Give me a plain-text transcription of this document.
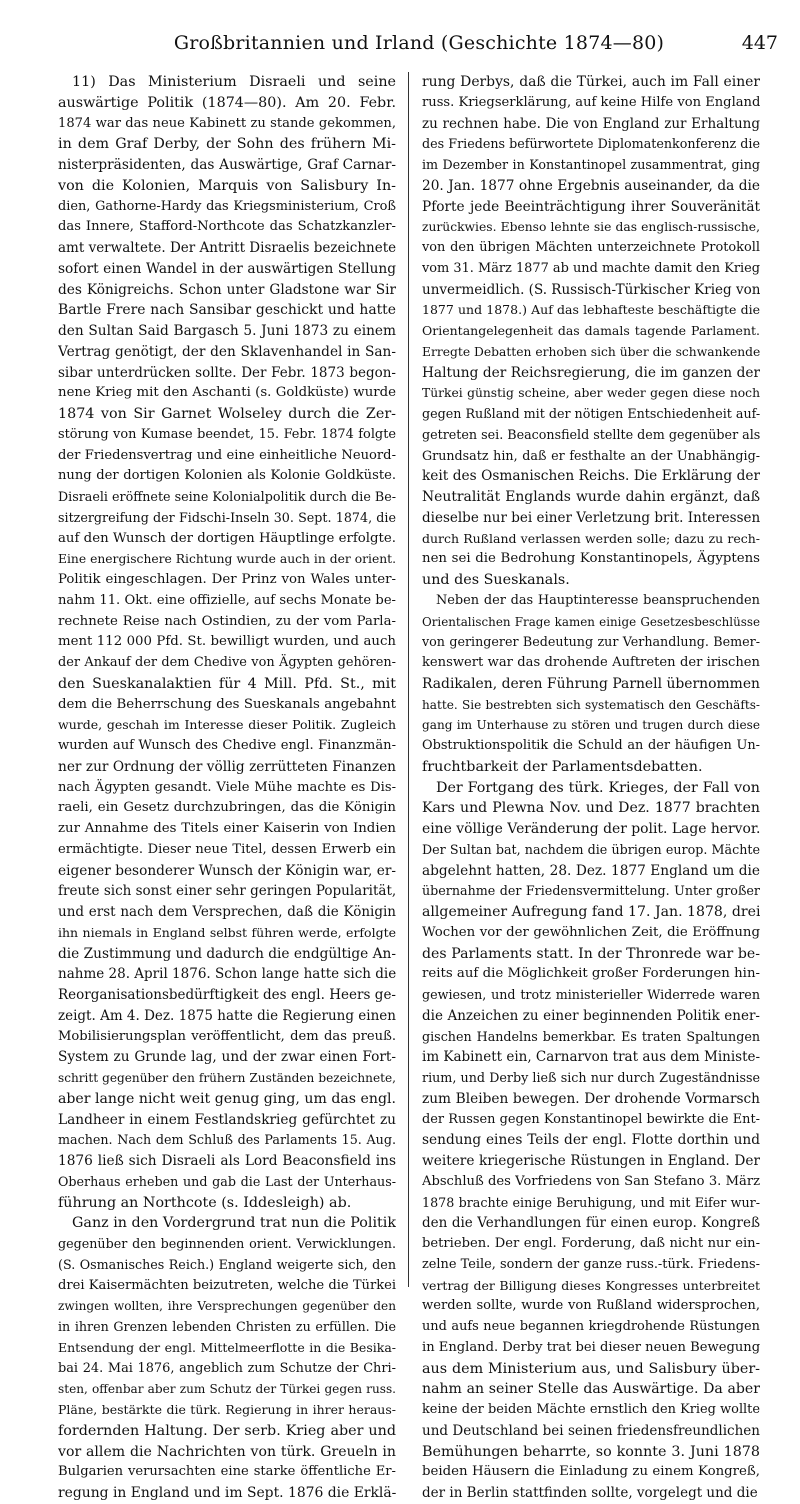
Großbritannien und Irland (Geschichte 1874—80)	447
11) Das Ministerium Disraeli und seine
auswärtige Politik (1874—80). Am 20. Febr.
1874 war das neue Kabinett zu stande gekommen,
in dem Graf Derby, der Sohn des frühern Mi-
nisterpräsidenten, das Auswärtige, Graf Carnar-
von die Kolonien, Marquis von Salisbury In-
dien, Gathorne-Hardy das Kriegsministerium, Croß
das Innere, Stafford-Northcote das Schatzkanzler-
amt verwaltete. Der Antritt Disraelis bezeichnete
sofort einen Wandel in der auswärtigen Stellung
des Königreichs. Schon unter Gladstone war Sir
Bartle Frere nach Sansibar geschickt und hatte
den Sultan Said Bargasch 5. Juni 1873 zu einem
Vertrag genötigt, der den Sklavenhandel in San-
sibar unterdrücken sollte. Der Febr. 1873 begon-
nene Krieg mit den Aschanti (s. Goldküste) wurde
1874 von Sir Garnet Wolseley durch die Zer-
störung von Kumase beendet, 15. Febr. 1874 folgte
der Friedensvertrag und eine einheitliche Neuord-
nung der dortigen Kolonien als Kolonie Goldküste.
Disraeli eröffnete seine Kolonialpolitik durch die Be-
sitzergreifung der Fidschi-Inseln 30. Sept. 1874, die
auf den Wunsch der dortigen Häuptlinge erfolgte.
Eine energischere Richtung wurde auch in der orient.
Politik eingeschlagen. Der Prinz von Wales unter-
nahm 11. Okt. eine offizielle, auf sechs Monate be-
rechnete Reise nach Ostindien, zu der vom Parla-
ment 112 000 Pfd. St. bewilligt wurden, und auch
der Ankauf der dem Chedive von Ägypten gehören-
den Sueskanalaktien für 4 Mill. Pfd. St., mit
dem die Beherrschung des Sueskanals angebahnt
wurde, geschah im Interesse dieser Politik. Zugleich
wurden auf Wunsch des Chedive engl. Finanzmän-
ner zur Ordnung der völlig zerrütteten Finanzen
nach Ägypten gesandt. Viele Mühe machte es Dis-
raeli, ein Gesetz durchzubringen, das die Königin
zur Annahme des Titels einer Kaiserin von Indien
ermächtigte. Dieser neue Titel, dessen Erwerb ein
eigener besonderer Wunsch der Königin war, er-
freute sich sonst einer sehr geringen Popularität,
und erst nach dem Versprechen, daß die Königin
ihn niemals in England selbst führen werde, erfolgte
die Zustimmung und dadurch die endgültige An-
nahme 28. April 1876. Schon lange hatte sich die
Reorganisationsbedürftigkeit des engl. Heers ge-
zeigt. Am 4. Dez. 1875 hatte die Regierung einen
Mobilisierungsplan veröffentlicht, dem das preuß.
System zu Grunde lag, und der zwar einen Fort-
schritt gegenüber den frühern Zuständen bezeichnete,
aber lange nicht weit genug ging, um das engl.
Landheer in einem Festlandskrieg gefürchtet zu
machen. Nach dem Schluß des Parlaments 15. Aug.
1876 ließ sich Disraeli als Lord Beaconsfield ins
Oberhaus erheben und gab die Last der Unterhaus-
führung an Northcote (s. Iddesleigh) ab.
Ganz in den Vordergrund trat nun die Politik
gegenüber den beginnenden orient. Verwicklungen.
(S. Osmanisches Reich.) England weigerte sich, den
drei Kaisermächten beizutreten, welche die Türkei
zwingen wollten, ihre Versprechungen gegenüber den
in ihren Grenzen lebenden Christen zu erfüllen. Die
Entsendung der engl. Mittelmeerflotte in die Besika-
bai 24. Mai 1876, angeblich zum Schutze der Chri-
sten, offenbar aber zum Schutz der Türkei gegen russ.
Pläne, bestärkte die türk. Regierung in ihrer heraus-
fordernden Haltung. Der serb. Krieg aber und
vor allem die Nachrichten von türk. Greueln in
Bulgarien verursachten eine starke öffentliche Er-
regung in England und im Sept. 1876 die Erklä-
rung Derbys, daß die Türkei, auch im Fall einer
russ. Kriegserklärung, auf keine Hilfe von England
zu rechnen habe. Die von England zur Erhaltung
des Friedens befürwortete Diplomatenkonferenz die
im Dezember in Konstantinopel zusammentrat, ging
20. Jan. 1877 ohne Ergebnis auseinander, da die
Pforte jede Beeinträchtigung ihrer Souveränität
zurückwies. Ebenso lehnte sie das englisch-russische,
von den übrigen Mächten unterzeichnete Protokoll
vom 31. März 1877 ab und machte damit den Krieg
unvermeidlich. (S. Russisch-Türkischer Krieg von
1877 und 1878.) Auf das lebhafteste beschäftigte die
Orientangelegenheit das damals tagende Parlament.
Erregte Debatten erhoben sich über die schwankende
Haltung der Reichsregierung, die im ganzen der
Türkei günstig scheine, aber weder gegen diese noch
gegen Rußland mit der nötigen Entschiedenheit auf-
getreten sei. Beaconsfield stellte dem gegenüber als
Grundsatz hin, daß er festhalte an der Unabhängig-
keit des Osmanischen Reichs. Die Erklärung der
Neutralität Englands wurde dahin ergänzt, daß
dieselbe nur bei einer Verletzung brit. Interessen
durch Rußland verlassen werden solle; dazu zu rech-
nen sei die Bedrohung Konstantinopels, Ägyptens
und des Sueskanals.
Neben der das Hauptinteresse beanspruchenden
Orientalischen Frage kamen einige Gesetzesbeschlüsse
von geringerer Bedeutung zur Verhandlung. Bemer-
kenswert war das drohende Auftreten der irischen
Radikalen, deren Führung Parnell übernommen
hatte. Sie bestrebten sich systematisch den Geschäfts-
gang im Unterhause zu stören und trugen durch diese
Obstruktionspolitik die Schuld an der häufigen Un-
fruchtbarkeit der Parlamentsdebatten.
Der Fortgang des türk. Krieges, der Fall von
Kars und Plewna Nov. und Dez. 1877 brachten
eine völlige Veränderung der polit. Lage hervor.
Der Sultan bat, nachdem die übrigen europ. Mächte
abgelehnt hatten, 28. Dez. 1877 England um die
übernahme der Friedensvermittelung. Unter großer
allgemeiner Aufregung fand 17. Jan. 1878, drei
Wochen vor der gewöhnlichen Zeit, die Eröffnung
des Parlaments statt. In der Thronrede war be-
reits auf die Möglichkeit großer Forderungen hin-
gewiesen, und trotz ministerieller Widerrede waren
die Anzeichen zu einer beginnenden Politik ener-
gischen Handelns bemerkbar. Es traten Spaltungen
im Kabinett ein, Carnarvon trat aus dem Ministe-
rium, und Derby ließ sich nur durch Zugeständnisse
zum Bleiben bewegen. Der drohende Vormarsch
der Russen gegen Konstantinopel bewirkte die Ent-
sendung eines Teils der engl. Flotte dorthin und
weitere kriegerische Rüstungen in England. Der
Abschluß des Vorfriedens von San Stefano 3. März
1878 brachte einige Beruhigung, und mit Eifer wur-
den die Verhandlungen für einen europ. Kongreß
betrieben. Der engl. Forderung, daß nicht nur ein-
zelne Teile, sondern der ganze russ.-türk. Friedens-
vertrag der Billigung dieses Kongresses unterbreitet
werden sollte, wurde von Rußland widersprochen,
und aufs neue begannen kriegdrohende Rüstungen
in England. Derby trat bei dieser neuen Bewegung
aus dem Ministerium aus, und Salisbury über-
nahm an seiner Stelle das Auswärtige. Da aber
keine der beiden Mächte ernstlich den Krieg wollte
und Deutschland bei seinen friedensfreundlichen
Bemühungen beharrte, so konnte 3. Juni 1878
beiden Häusern die Einladung zu einem Kongreß,
der in Berlin stattfinden sollte, vorgelegt und die
